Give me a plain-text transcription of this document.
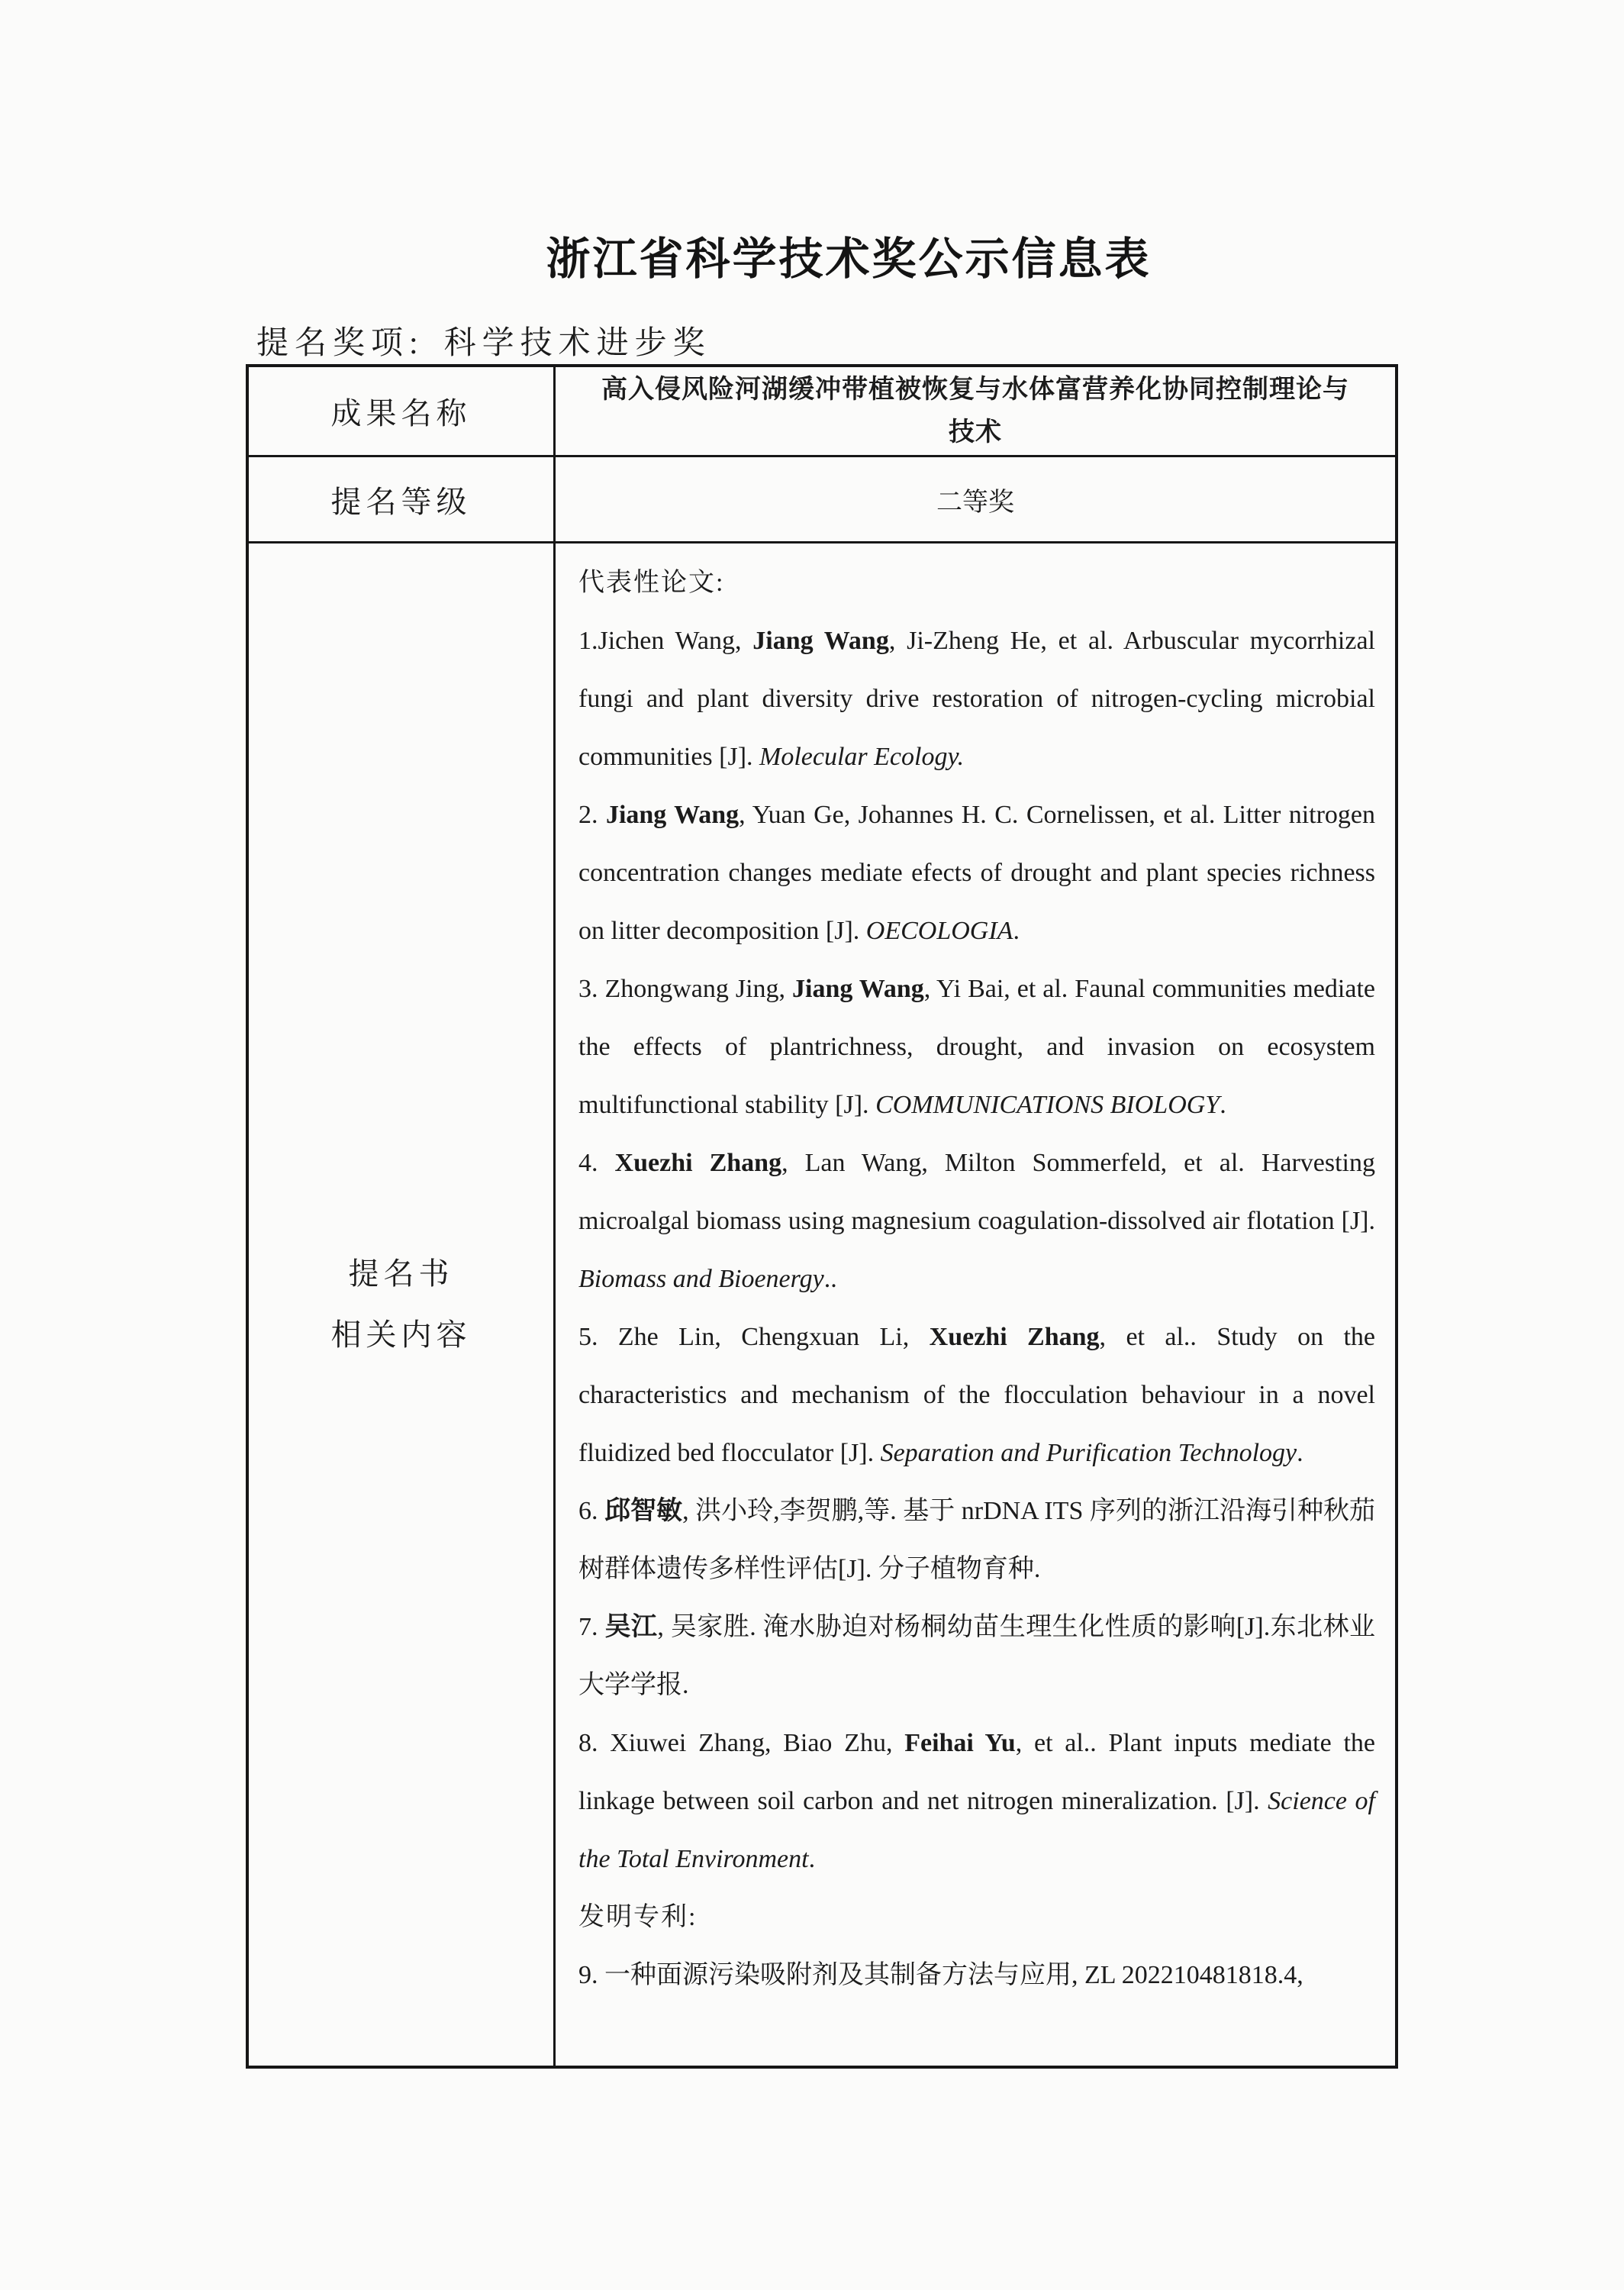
浙江省科学技术奖公示信息表
提名奖项: 科学技术进步奖
成果名称
高入侵风险河湖缓冲带植被恢复与水体富营养化协同控制理论与技术
提名等级	二等奖
提名书
相关内容

代表性论文:

1.Jichen Wang, Jiang Wang, Ji-Zheng He, et al. Arbuscular mycorrhizal fungi and plant diversity drive restoration of nitrogen-cycling microbial communities [J]. Molecular Ecology.

2. Jiang Wang, Yuan Ge, Johannes H. C. Cornelissen, et al. Litter nitrogen concentration changes mediate efects of drought and plant species richness on litter decomposition [J]. OECOLOGIA.

3. Zhongwang Jing, Jiang Wang, Yi Bai, et al. Faunal communities mediate the effects of plantrichness, drought, and invasion on ecosystem multifunctional stability [J]. COMMUNICATIONS BIOLOGY.

4. Xuezhi Zhang, Lan Wang, Milton Sommerfeld, et al. Harvesting microalgal biomass using magnesium coagulation-dissolved air flotation [J]. Biomass and Bioenergy..

5. Zhe Lin, Chengxuan Li, Xuezhi Zhang, et al.. Study on the characteristics and mechanism of the flocculation behaviour in a novel fluidized bed flocculator [J]. Separation and Purification Technology.

6. 邱智敏, 洪小玲,李贺鹏,等. 基于 nrDNA ITS 序列的浙江沿海引种秋茄树群体遗传多样性评估[J]. 分子植物育种.

7. 吴江, 吴家胜. 淹水胁迫对杨桐幼苗生理生化性质的影响[J].东北林业大学学报.

8. Xiuwei Zhang, Biao Zhu, Feihai Yu, et al.. Plant inputs mediate the linkage between soil carbon and net nitrogen mineralization. [J]. Science of the Total Environment.

发明专利:

9. 一种面源污染吸附剂及其制备方法与应用, ZL 202210481818.4,
